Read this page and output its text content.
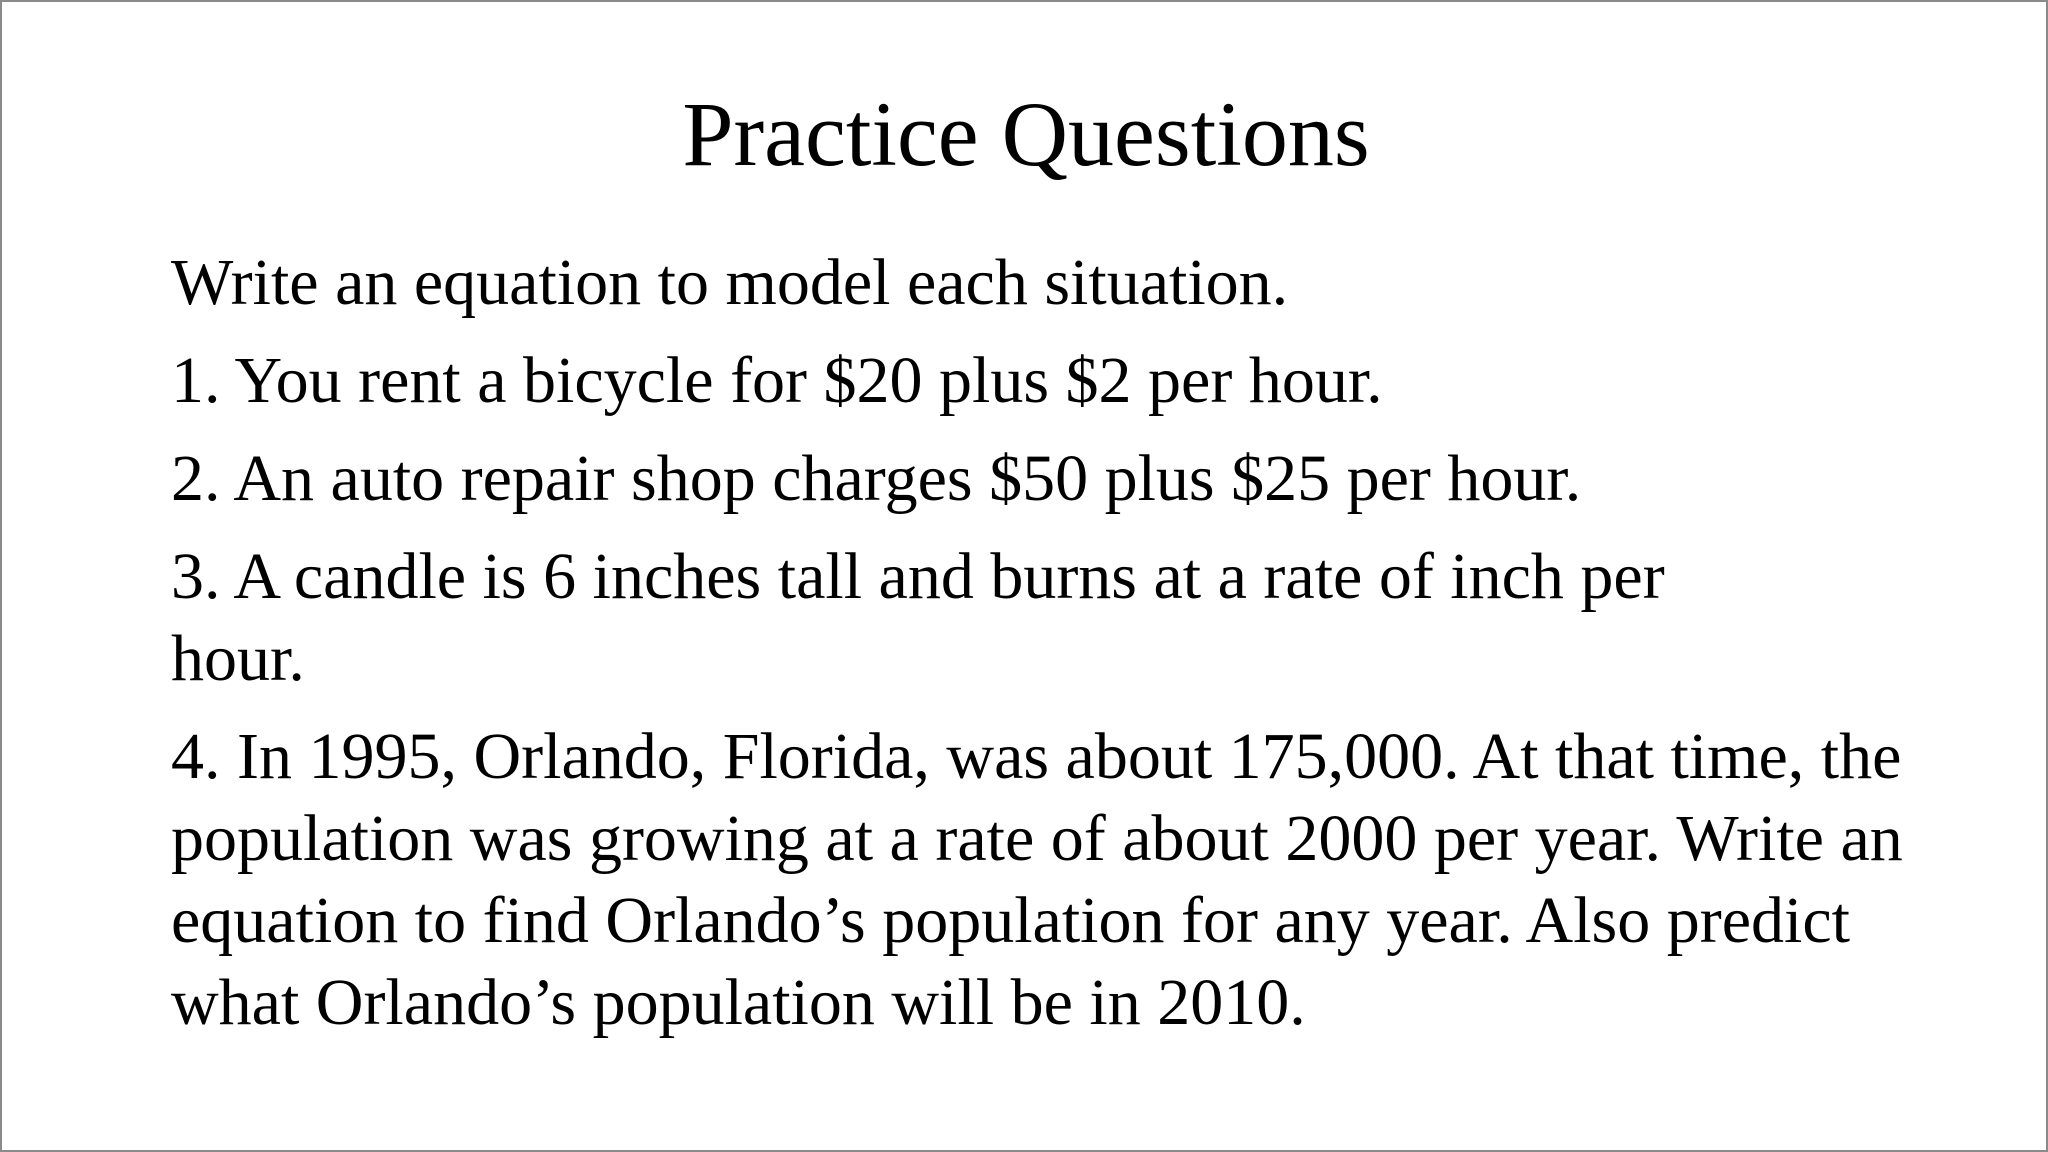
Practice Questions

Write an equation to model each situation.

1. You rent a bicycle for $20 plus $2 per hour.

2. An auto repair shop charges $50 plus $25 per hour.

3. A candle is 6 inches tall and burns at a rate of inch per hour.

4. In 1995, Orlando, Florida, was about 175,000. At that time, the population was growing at a rate of about 2000 per year. Write an equation to find Orlando’s population for any year. Also predict what Orlando’s population will be in 2010.
